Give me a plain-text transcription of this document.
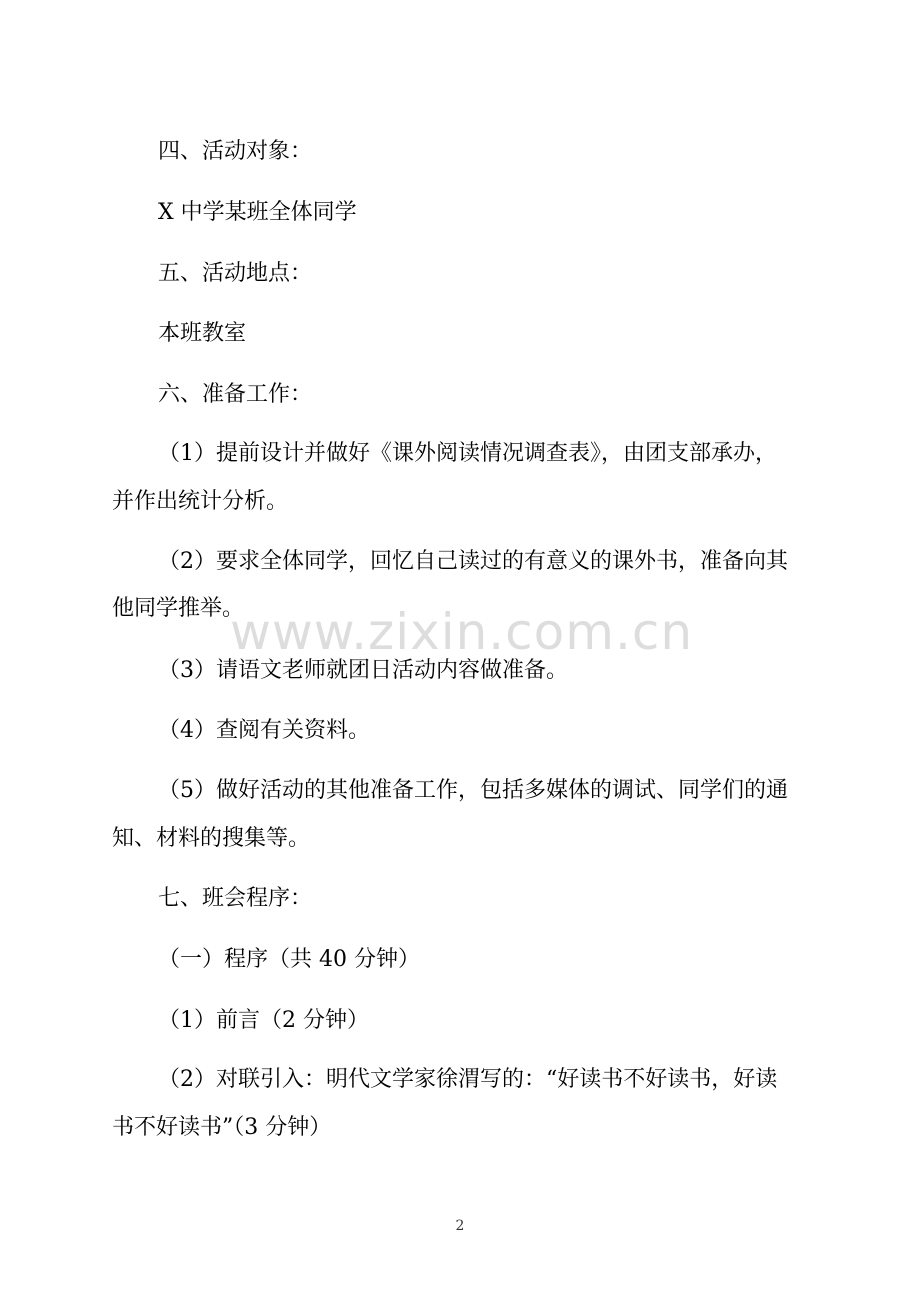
四、活动对象：
X 中学某班全体同学
五、活动地点：
本班教室
六、准备工作：
（1）提前设计并做好《课外阅读情况调查表》，由团支部承办，
并作出统计分析。
（2）要求全体同学，回忆自己读过的有意义的课外书，准备向其
他同学推举。
（3）请语文老师就团日活动内容做准备。
（4）查阅有关资料。
（5）做好活动的其他准备工作，包括多媒体的调试、同学们的通
知、材料的搜集等。
七、班会程序：
（一）程序（共 40 分钟）
（1）前言（2 分钟）
（2）对联引入：明代文学家徐渭写的：“好读书不好读书，好读
书不好读书”（3 分钟）
www.zixin.com.cn
2
